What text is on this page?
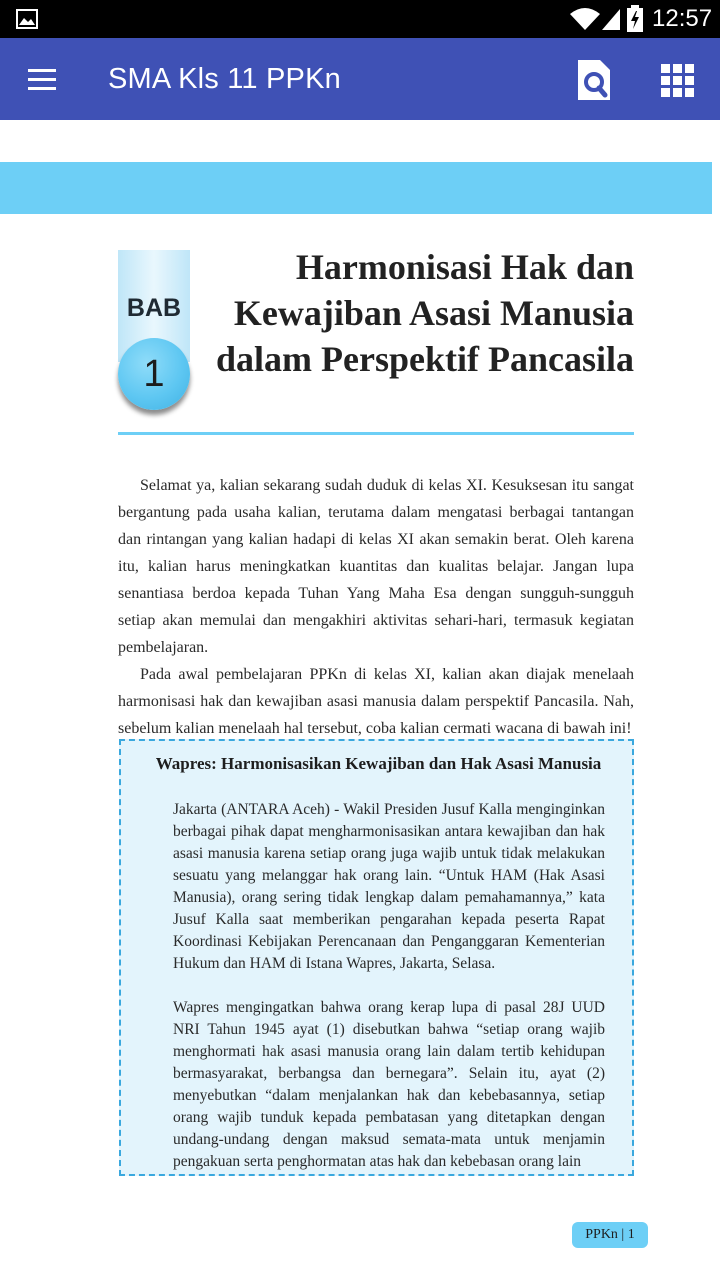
12:57
SMA Kls 11 PPKn
BAB
1
Harmonisasi Hak dan
Kewajiban Asasi Manusia
dalam Perspektif Pancasila

Selamat ya, kalian sekarang sudah duduk di kelas XI. Kesuksesan itu sangat bergantung pada usaha kalian, terutama dalam mengatasi berbagai tantangan dan rintangan yang kalian hadapi di kelas XI akan semakin berat. Oleh karena itu, kalian harus meningkatkan kuantitas dan kualitas belajar. Jangan lupa senantiasa berdoa kepada Tuhan Yang Maha Esa dengan sungguh-sungguh setiap akan memulai dan mengakhiri aktivitas sehari-hari, termasuk kegiatan pembelajaran.

Pada awal pembelajaran PPKn di kelas XI, kalian akan diajak menelaah harmonisasi hak dan kewajiban asasi manusia dalam perspektif Pancasila. Nah, sebelum kalian menelaah hal tersebut, coba kalian cermati wacana di bawah ini!

Wapres: Harmonisasikan Kewajiban dan Hak Asasi Manusia

Jakarta (ANTARA Aceh) - Wakil Presiden Jusuf Kalla menginginkan berbagai pihak dapat mengharmonisasikan antara kewajiban dan hak asasi manusia karena setiap orang juga wajib untuk tidak melakukan sesuatu yang melanggar hak orang lain. “Untuk HAM (Hak Asasi Manusia), orang sering tidak lengkap dalam pemahamannya,” kata Jusuf Kalla saat memberikan pengarahan kepada peserta Rapat Koordinasi Kebijakan Perencanaan dan Penganggaran Kementerian Hukum dan HAM di Istana Wapres, Jakarta, Selasa.

Wapres mengingatkan bahwa orang kerap lupa di pasal 28J UUD NRI Tahun 1945 ayat (1) disebutkan bahwa “setiap orang wajib menghormati hak asasi manusia orang lain dalam tertib kehidupan bermasyarakat, berbangsa dan bernegara”. Selain itu, ayat (2) menyebutkan “dalam menjalankan hak dan kebebasannya, setiap orang wajib tunduk kepada pembatasan yang ditetapkan dengan undang-undang dengan maksud semata-mata untuk menjamin pengakuan serta penghormatan atas hak dan kebebasan orang lain

PPKn | 1
